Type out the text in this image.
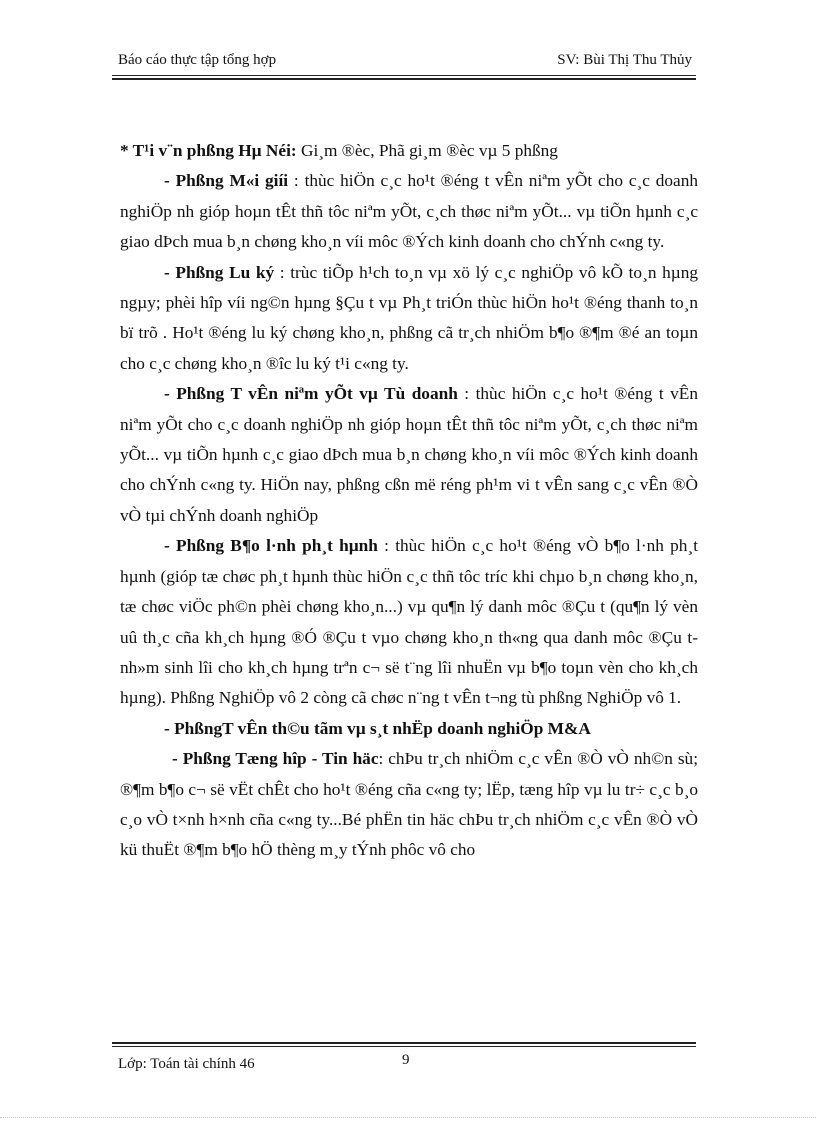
Báo cáo thực tập tổng hợp	SV: Bùi Thị Thu Thủy

* T¹i v¨n phßng Hµ Néi: Gi¸m ®èc, Phã gi¸m ®èc vµ 5 phßng

- Phßng M«i giíi : thùc hiÖn c¸c ho¹t ®éng t vÊn niªm yÕt cho c¸c doanh nghiÖp nh gióp hoµn tÊt thñ tôc niªm yÕt, c¸ch thøc niªm yÕt... vµ tiÕn hµnh c¸c giao dÞch mua b¸n chøng kho¸n víi môc ®Ých kinh doanh cho chÝnh c«ng ty.

- Phßng Lu ký : trùc tiÕp h¹ch to¸n vµ xö lý c¸c nghiÖp vô kÕ to¸n hµng ngµy; phèi hîp víi ng©n hµng §Çu t vµ Ph¸t triÓn thùc hiÖn ho¹t ®éng thanh to¸n bï trõ . Ho¹t ®éng lu ký chøng kho¸n, phßng cã tr¸ch nhiÖm b¶o ®¶m ®é an toµn cho c¸c chøng kho¸n ®îc lu ký t¹i c«ng ty.

- Phßng T vÊn niªm yÕt vµ Tù doanh : thùc hiÖn c¸c ho¹t ®éng t vÊn niªm yÕt cho c¸c doanh nghiÖp nh gióp hoµn tÊt thñ tôc niªm yÕt, c¸ch thøc niªm yÕt... vµ tiÕn hµnh c¸c giao dÞch mua b¸n chøng kho¸n víi môc ®Ých kinh doanh cho chÝnh c«ng ty. HiÖn nay, phßng cßn më réng ph¹m vi t vÊn sang c¸c vÊn ®Ò vÒ tµi chÝnh doanh nghiÖp

- Phßng B¶o l·nh ph¸t hµnh : thùc hiÖn c¸c ho¹t ®éng vÒ b¶o l·nh ph¸t hµnh (gióp tæ chøc ph¸t hµnh thùc hiÖn c¸c thñ tôc tríc khi chµo b¸n chøng kho¸n, tæ chøc viÖc ph©n phèi chøng kho¸n...) vµ qu¶n lý danh môc ®Çu t (qu¶n lý vèn uû th¸c cña kh¸ch hµng ®Ó ®Çu t vµo chøng kho¸n th«ng qua danh môc ®Çu t nh»m sinh lîi cho kh¸ch hµng trªn c¬ së t¨ng lîi nhuËn vµ b¶o toµn vèn cho kh¸ch hµng). Phßng NghiÖp vô 2 còng cã chøc n¨ng t vÊn t¬ng tù phßng NghiÖp vô 1.

- PhßngT vÊn th©u tãm vµ s¸t nhËp doanh nghiÖp M&A

- Phßng Tæng hîp - Tin häc: chÞu tr¸ch nhiÖm c¸c vÊn ®Ò vÒ nh©n sù; ®¶m b¶o c¬ së vËt chÊt cho ho¹t ®éng cña c«ng ty; lËp, tæng hîp vµ lu tr÷ c¸c b¸o c¸o vÒ t×nh h×nh cña c«ng ty...Bé phËn tin häc chÞu tr¸ch nhiÖm c¸c vÊn ®Ò vÒ kü thuËt ®¶m b¶o hÖ thèng m¸y tÝnh phôc vô cho

Lớp: Toán tài chính 46	9
